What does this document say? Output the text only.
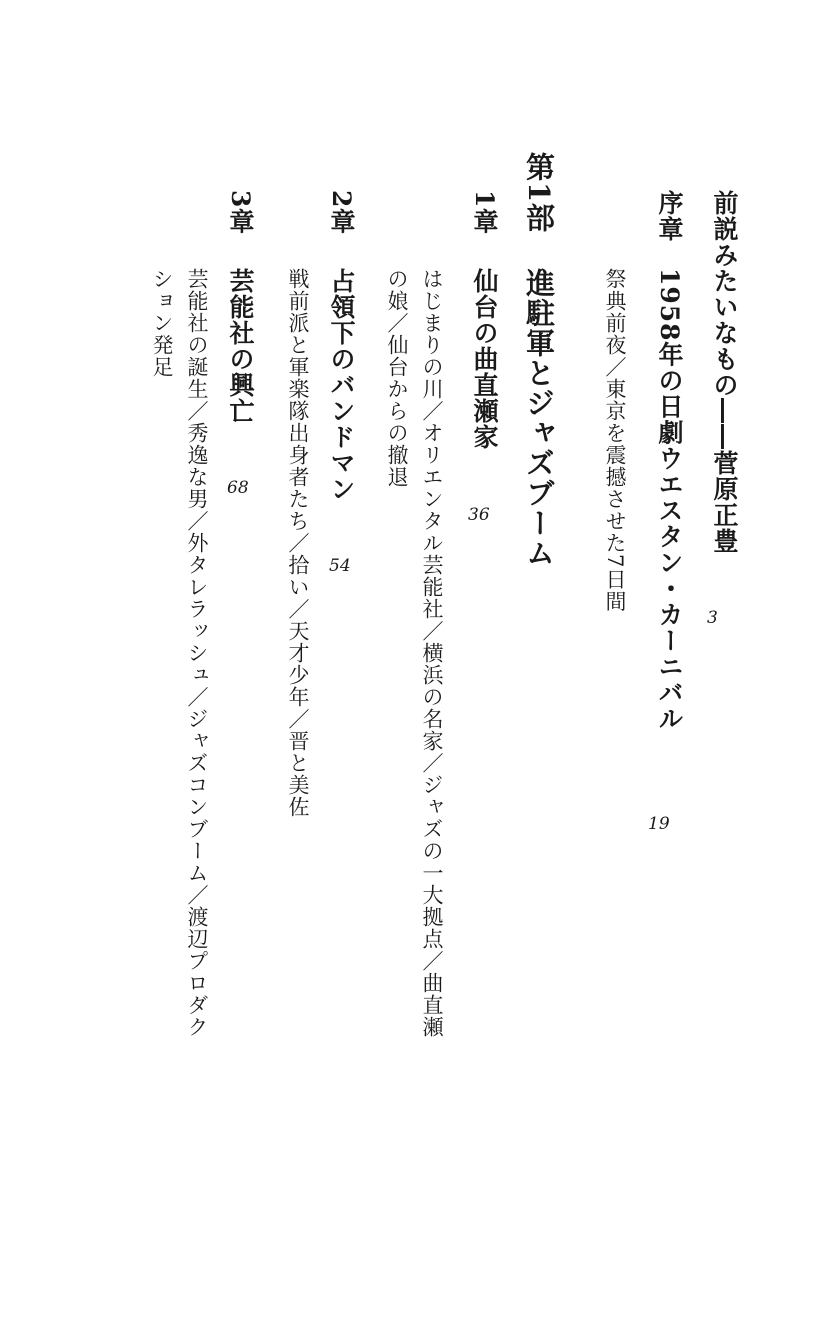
前説みたいなもの――菅原正豊
3
序章
1958年の日劇ウエスタン・カーニバル
19
祭典前夜／東京を震撼させた7日間
第1部
進駐軍とジャズブーム
1章
仙台の曲直瀬家
36
はじまりの川／オリエンタル芸能社／横浜の名家／ジャズの一大拠点／曲直瀬
の娘／仙台からの撤退
2章
占領下のバンドマン
54
戦前派と軍楽隊出身者たち／拾い／天才少年／晋と美佐
3章
芸能社の興亡
68
芸能社の誕生／秀逸な男／外タレラッシュ／ジャズコンブーム／渡辺プロダク
ション発足
